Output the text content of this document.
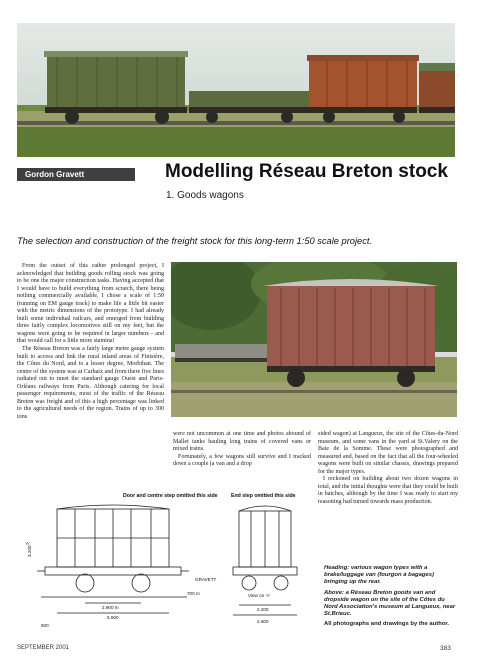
Gordon Gravett	Modelling Réseau Breton stock
1. Goods wagons
The selection and construction of the freight stock for this long-term 1:50 scale project.

From the outset of this rather prolonged project, I acknowledged that building goods rolling stock was going to be one the major construction tasks. Having accepted that I would have to build everything from scratch, there being nothing commercially available, I chose a scale of 1:50 (running on EM gauge track) to make life a little bit easier with the metric dimensions of the prototype. I had already built some individual railcars, and emerged from building three fairly complex locomotives still on my feet, but the wagons were going to be required in larger numbers - and that would call for a little more stamina!

The Réseau Breton was a fairly large metre gauge system built to access and link the rural inland areas of Finistère, the Côtes du Nord, and to a lesser degree, Morbihan. The centre of the system was at Carhaix and from there five lines radiated out to meet the standard gauge Ouest and Paris-Orléans railways from Paris. Although catering for local passenger requirements, most of the traffic of the Réseau Breton was freight and of this a high percentage was linked to the agricultural needs of the region. Trains of up to 300 tons

were not uncommon at one time and photos abound of Mallet tanks hauling long trains of covered vans or mixed trains.

Fortunately, a few wagons still survive and I tracked down a couple (a van and a drop

sided wagon) at Langueux, the site of the Côtes-du-Nord museum, and some vans in the yard at St.Valery on the Baie de la Somme. These were photographed and measured and, based on the fact that all the four-wheeled wagons were built on similar chassis, drawings prepared for the major types.

I reckoned on building about two dozen wagons in total, and the initial thoughts were that they could be built in batches, although by the time I was ready to start my reasoning had turned towards mass production.

Door and centre step omitted this side	End step omitted this side
2.900 m
5.500
700 m
500
3.200
'A'
GRAVETT
View on 'A'
2.200
2.600
Heading: various wagon types with a brake/luggage van (fourgon à bagages) bringing up the rear.
Above: a Réseau Breton goods van and dropside wagon on the site of the Côtes du Nord Association's museum at Langueux, near St.Brieuc.
All photographs and drawings by the author.
SEPTEMBER 2001	383
